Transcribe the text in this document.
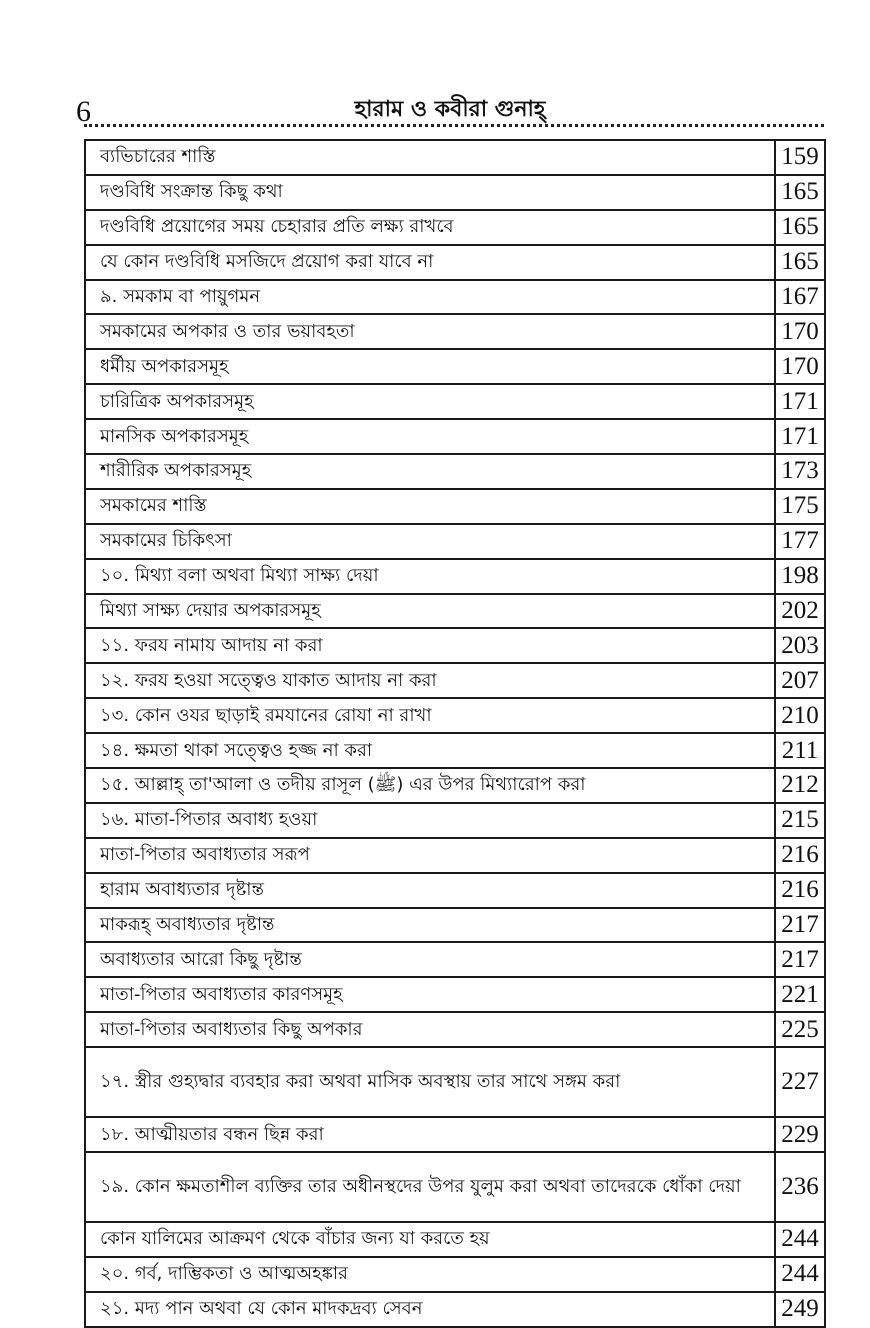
6	হারাম ও কবীরা গুনাহ্
ব্যভিচারের শাস্তি	159
দণ্ডবিধি সংক্রান্ত কিছু কথা	165
দণ্ডবিধি প্রয়োগের সময় চেহারার প্রতি লক্ষ্য রাখবে	165
যে কোন দণ্ডবিধি মসজিদে প্রয়োগ করা যাবে না	165
৯. সমকাম বা পায়ুগমন	167
সমকামের অপকার ও তার ভয়াবহতা	170
ধর্মীয় অপকারসমূহ	170
চারিত্রিক অপকারসমূহ	171
মানসিক অপকারসমূহ	171
শারীরিক অপকারসমূহ	173
সমকামের শাস্তি	175
সমকামের চিকিৎসা	177
১০. মিথ্যা বলা অথবা মিথ্যা সাক্ষ্য দেয়া	198
মিথ্যা সাক্ষ্য দেয়ার অপকারসমূহ	202
১১. ফরয নামায আদায় না করা	203
১২. ফরয হওয়া সত্ত্বেও যাকাত আদায় না করা	207
১৩. কোন ওযর ছাড়াই রমযানের রোযা না রাখা	210
১৪. ক্ষমতা থাকা সত্ত্বেও হজ্জ না করা	211
১৫. আল্লাহ্ তা'আলা ও তদীয় রাসূল (ﷺ) এর উপর মিথ্যারোপ করা	212
১৬. মাতা-পিতার অবাধ্য হওয়া	215
মাতা-পিতার অবাধ্যতার সরূপ	216
হারাম অবাধ্যতার দৃষ্টান্ত	216
মাকরূহ্ অবাধ্যতার দৃষ্টান্ত	217
অবাধ্যতার আরো কিছু দৃষ্টান্ত	217
মাতা-পিতার অবাধ্যতার কারণসমূহ	221
মাতা-পিতার অবাধ্যতার কিছু অপকার	225
১৭. স্ত্রীর গুহ্যদ্বার ব্যবহার করা অথবা মাসিক অবস্থায় তার সাথে সঙ্গম করা	227
১৮. আত্মীয়তার বন্ধন ছিন্ন করা	229
১৯. কোন ক্ষমতাশীল ব্যক্তির তার অধীনস্থদের উপর যুলুম করা অথবা তাদেরকে ধোঁকা দেয়া	236
কোন যালিমের আক্রমণ থেকে বাঁচার জন্য যা করতে হয়	244
২০. গর্ব, দাম্ভিকতা ও আত্মঅহঙ্কার	244
২১. মদ্য পান অথবা যে কোন মাদকদ্রব্য সেবন	249
